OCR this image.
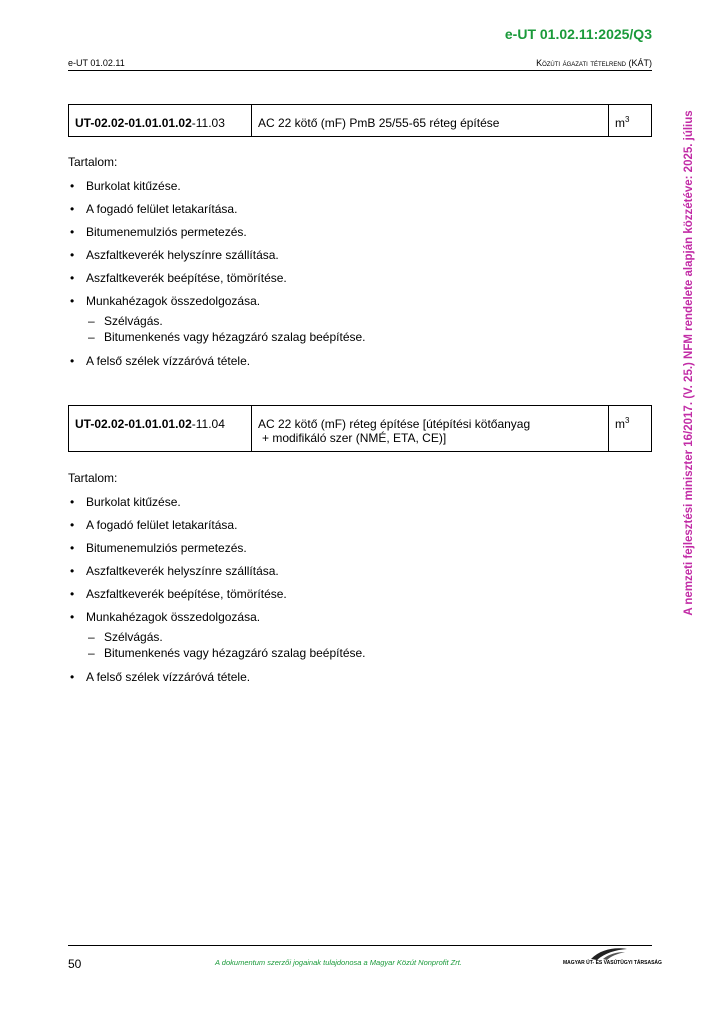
e-UT 01.02.11:2025/Q3
e-UT 01.02.11	Közúti ágazati tételrend (KÁT)
UT-02.02-01.01.01.02-11.03	AC 22 kötő (mF) PmB 25/55-65 réteg építése	$m^3$
Tartalom:
• Burkolat kitűzése.
• A fogadó felület letakarítása.
• Bitumenemulziós permetezés.
• Aszfaltkeverék helyszínre szállítása.
• Aszfaltkeverék beépítése, tömörítése.
• Munkahézagok összedolgozása.
– Szélvágás.
– Bitumenkenés vagy hézagzáró szalag beépítése.
• A felső szélek vízzáróvá tétele.
UT-02.02-01.01.01.02-11.04	AC 22 kötő (mF) réteg építése [útépítési kötőanyag
+ modifikáló szer (NMÉ, ETA, CE)]
	$m^3$
Tartalom:
• Burkolat kitűzése.
• A fogadó felület letakarítása.
• Bitumenemulziós permetezés.
• Aszfaltkeverék helyszínre szállítása.
• Aszfaltkeverék beépítése, tömörítése.
• Munkahézagok összedolgozása.
– Szélvágás.
– Bitumenkenés vagy hézagzáró szalag beépítése.
• A felső szélek vízzáróvá tétele.
A nemzeti fejlesztési miniszter 16/2017. (V. 25.) NFM rendelete alapján közzétéve: 2025. július
50	A dokumentum szerzői jogainak tulajdonosa a Magyar Közút Nonprofit Zrt.	MAGYAR ÚT- ÉS VASÚTÜGYI TÁRSASÁG
